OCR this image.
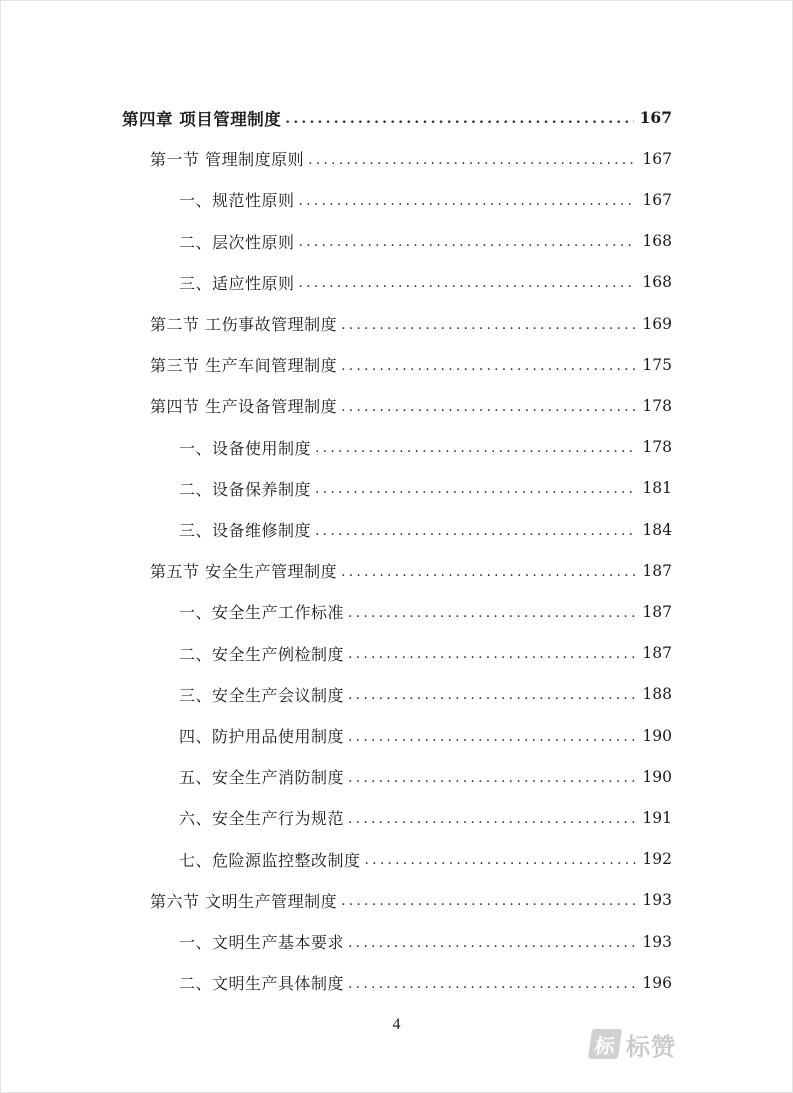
第四章 项目管理制度 .....	167
第一节 管理制度原则 .....	167
一、规范性原则 .....	167
二、层次性原则 .....	168
三、适应性原则 .....	168
第二节 工伤事故管理制度 .....	169
第三节 生产车间管理制度 .....	175
第四节 生产设备管理制度 .....	178
一、设备使用制度 .....	178
二、设备保养制度 .....	181
三、设备维修制度 .....	184
第五节 安全生产管理制度 .....	187
一、安全生产工作标准 .....	187
二、安全生产例检制度 .....	187
三、安全生产会议制度 .....	188
四、防护用品使用制度 .....	190
五、安全生产消防制度 .....	190
六、安全生产行为规范 .....	191
七、危险源监控整改制度 .....	192
第六节 文明生产管理制度 .....	193
一、文明生产基本要求 .....	193
二、文明生产具体制度 .....	196
4
标 标赞
